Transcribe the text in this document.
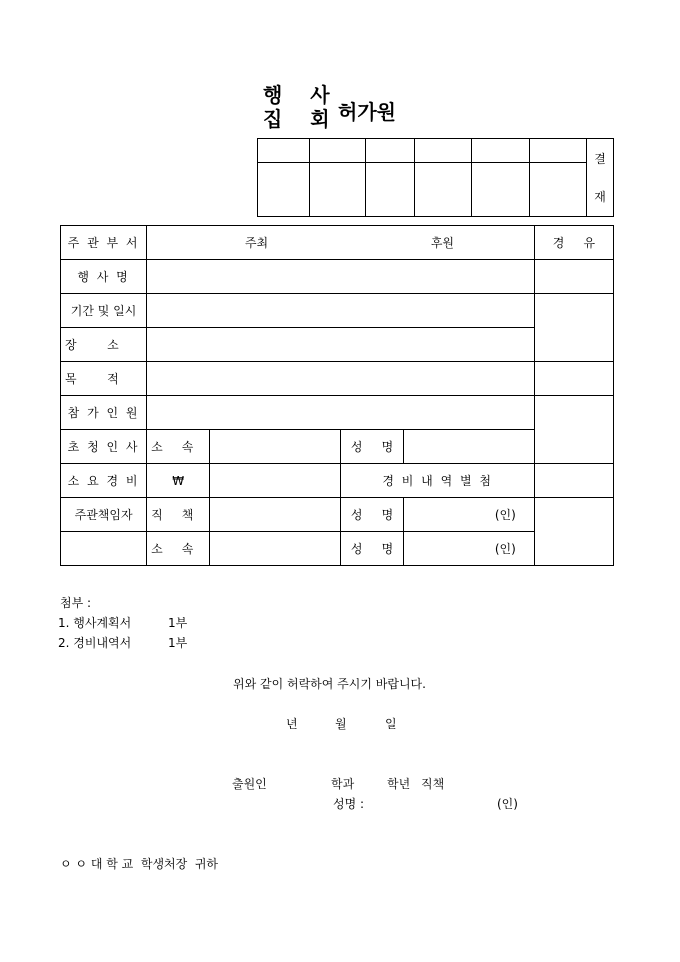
행 사
집 회 허가원

						결
재

주 관 부 서	주최 후원				경     유
행 사 명					
기간 및 일시					
장        소					
목        적					
참 가 인 원					
초 청 인 사	소     속		성     명		
소 요 경 비	₩		경 비 내 역 별 첨		
주관책임자	직     책		성     명	(인)	
	소     속		성     명	(인)	
첨부 :
1. 행사계획서	1부
2. 경비내역서	1부
위와 같이 허락하여 주시기 바랍니다.
년	월	일
출원인	학과	학년 직책
성명 :	(인)
ㅇ ㅇ 대 학 교  학생처장  귀하
